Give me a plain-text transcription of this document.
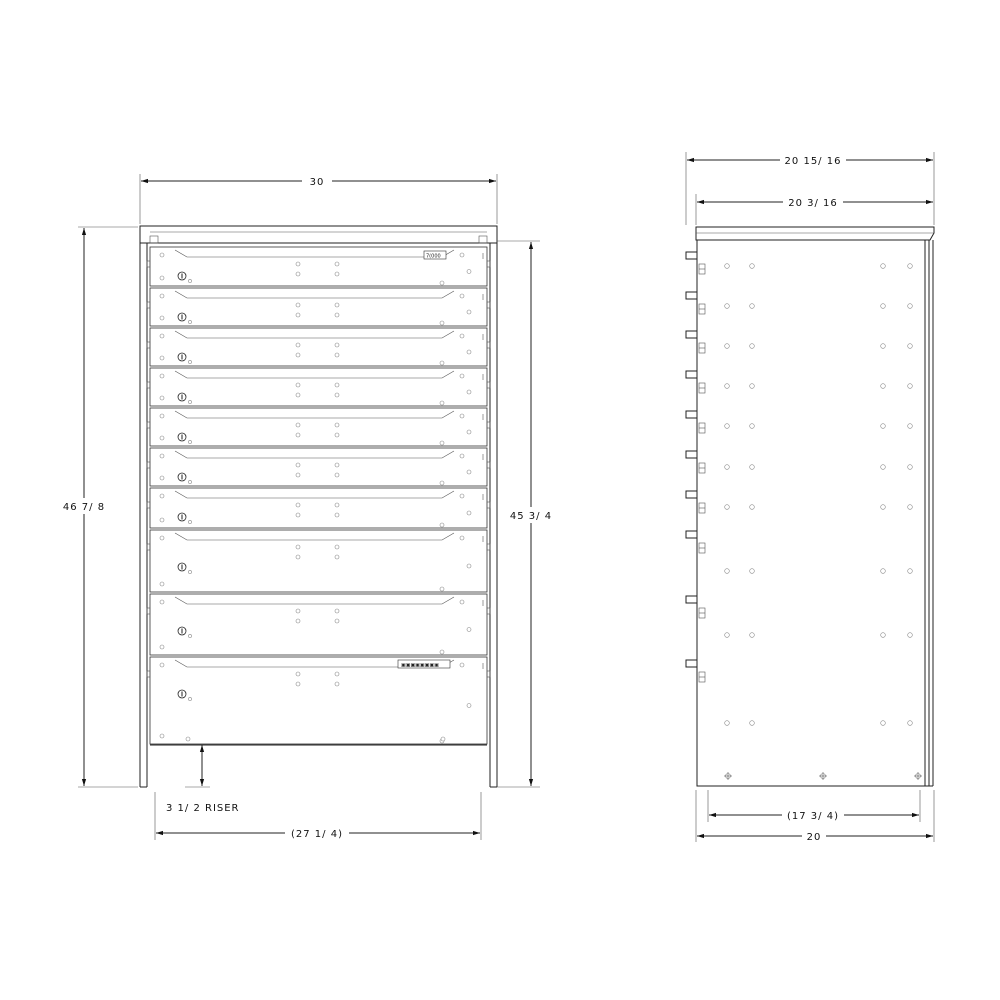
7(000
▣▣▣▣▣▣▣▣
30
46 7/ 8
45 3/ 4
3 1/ 2 RISER
(27 1/ 4)
20 15/ 16
20 3/ 16
(17 3/ 4)
20
